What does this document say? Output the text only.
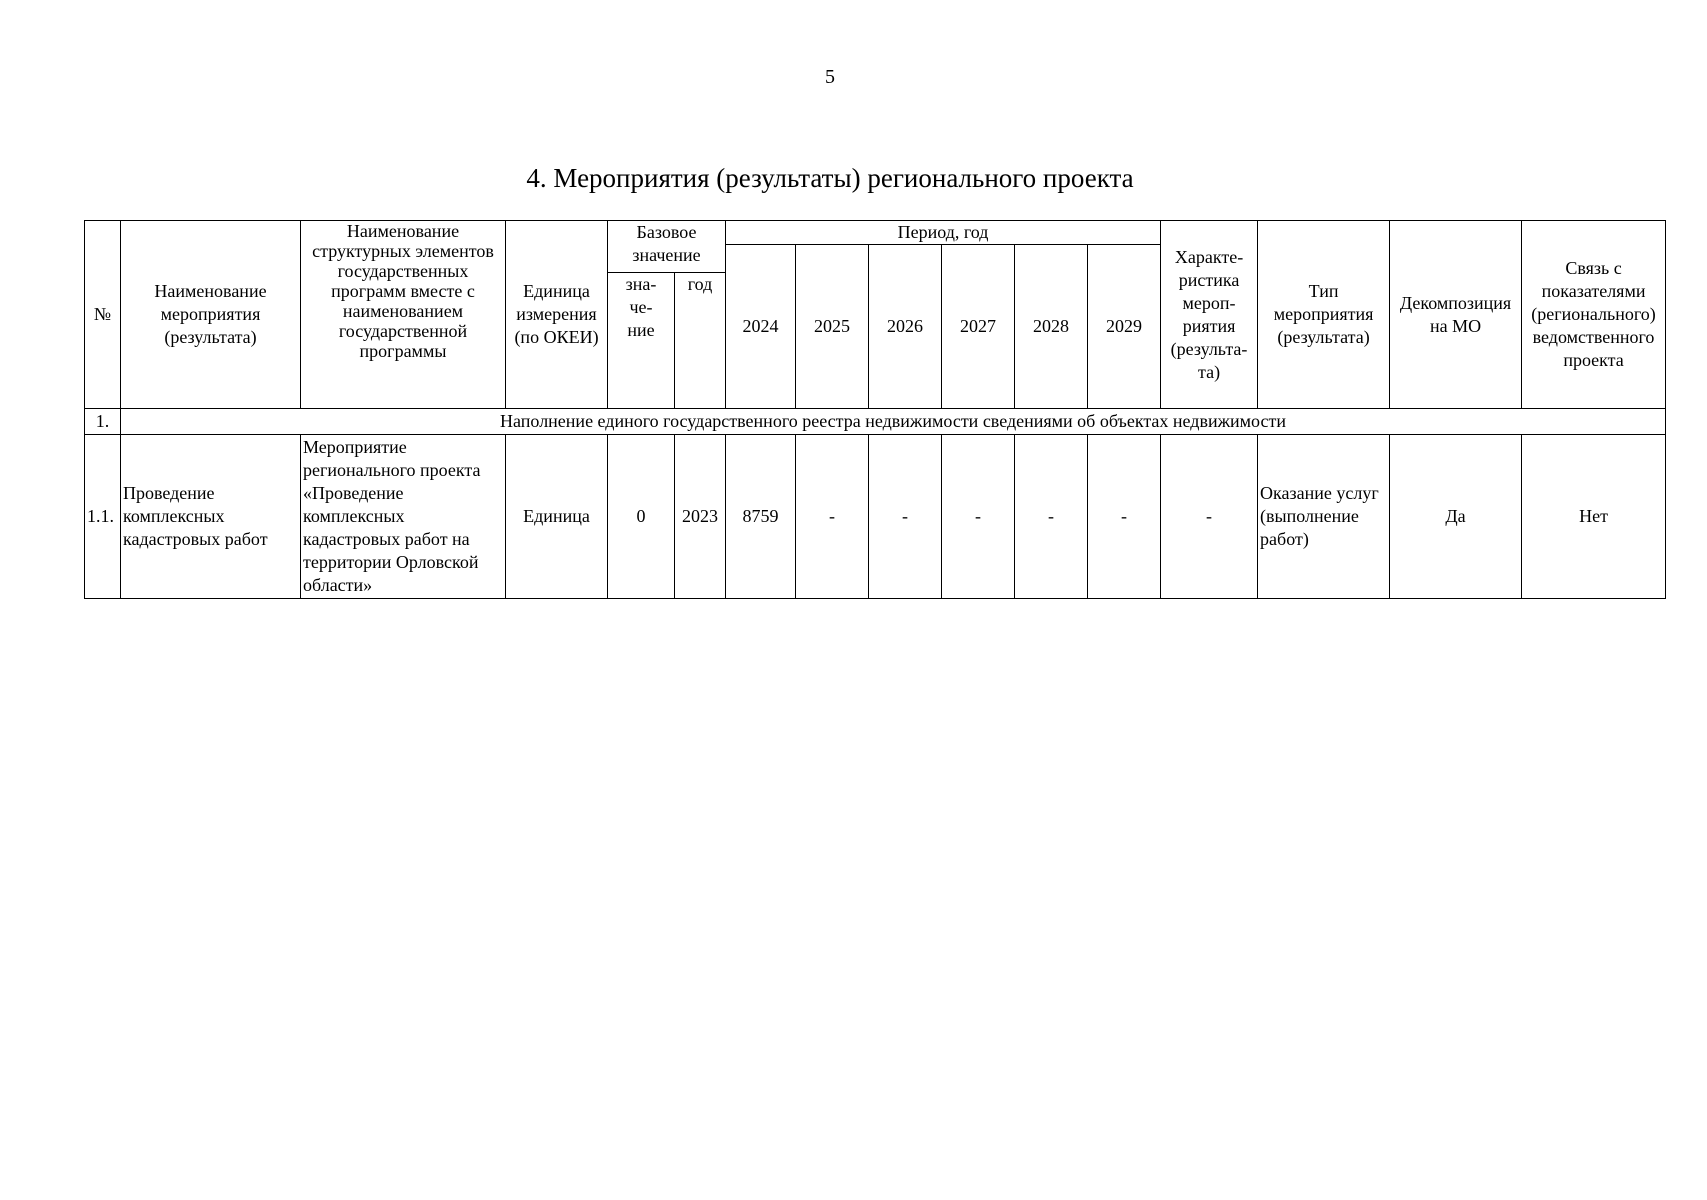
5
4. Мероприятия (результаты) регионального проекта
№	Наименование мероприятия (результата)	Наименование структурных элементов государственных программ вместе с наименованием государственной программы	Единица измерения (по ОКЕИ)	Базовое значение		Период, год						Характе-ристика мероп-риятия (результа-та)	Тип мероприятия (результата)	Декомпозиция на МО	Связь с показателями (регионального) ведомственного проекта
						2024	2025	2026	2027	2028	2029				

				зна-че-ние	год										
1.	Наполнение единого государственного реестра недвижимости сведениями об объектах недвижимости														
1.1.	Проведение комплексных кадастровых работ	Мероприятие регионального проекта «Проведение комплексных кадастровых работ на территории Орловской области»	Единица	0	2023	8759	-	-	-	-	-	-	Оказание услуг (выполнение работ)	Да	Нет
